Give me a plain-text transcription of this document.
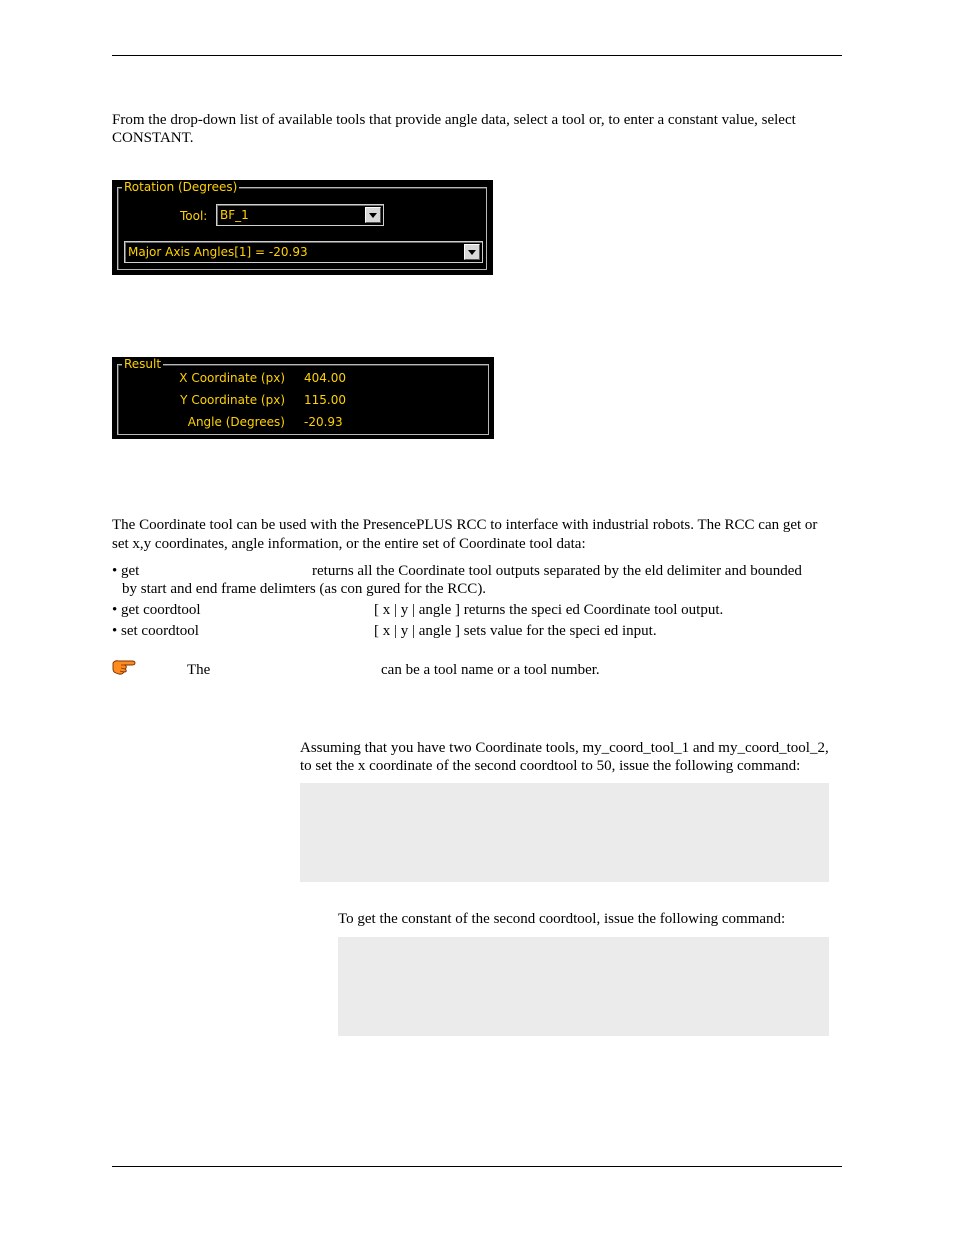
From the drop-down list of available tools that provide angle data, select a tool or, to enter a constant value, select
CONSTANT.
Rotation (Degrees)
Tool: BF_1
Major Axis Angles[1] = -20.93
Result
X Coordinate (px) 404.00
Y Coordinate (px) 115.00
Angle (Degrees) -20.93
The Coordinate tool can be used with the PresencePLUS RCC to interface with industrial robots. The RCC can get or
set x,y coordinates, angle information, or the entire set of Coordinate tool data:
• get	returns all the Coordinate tool outputs separated by the eld delimiter and bounded
by start and end frame delimters (as con gured for the RCC).
• get coordtool	[ x | y | angle ] returns the speci ed Coordinate tool output.
• set coordtool	[ x | y | angle ] sets value for the speci ed input.
The	can be a tool name or a tool number.
Assuming that you have two Coordinate tools, my_coord_tool_1 and my_coord_tool_2,
to set the x coordinate of the second coordtool to 50, issue the following command:
To get the constant of the second coordtool, issue the following command:
